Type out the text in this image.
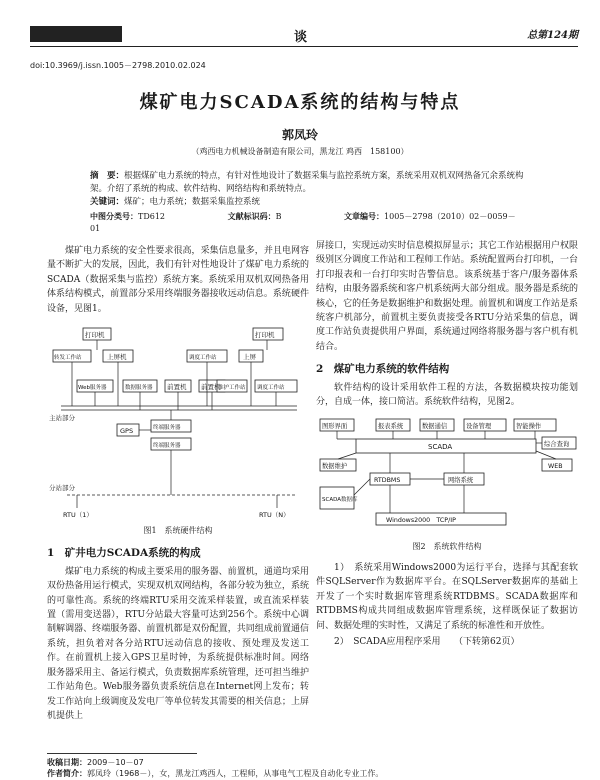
谈	总第124期
doi:10.3969/j.issn.1005－2798.2010.02.024
煤矿电力SCADA系统的结构与特点
郭凤玲
（鸡西电力机械设备制造有限公司，黑龙江 鸡西　158100）
摘　要：根据煤矿电力系统的特点，有针对性地设计了数据采集与监控系统方案，系统采用双机双网热备冗余系统构架。介绍了系统的构成、软件结构、网络结构和系统特点。
关键词：煤矿；电力系统；数据采集监控系统
中图分类号：TD612	文献标识码：B	文章编号：1005－2798（2010）02－0059－01

煤矿电力系统的安全性要求很高，采集信息量多，并且电网容量不断扩大的发展，因此，我们有针对性地设计了煤矿电力系统的SCADA（数据采集与监控）系统方案。系统采用双机双网热备用体系结构模式，前置部分采用终端服务器接收远动信息。系统硬件设备，见图1。

打印机	打印机
转发工作站	上屏机	调度工作站
Web服务器
上屏
调度工作站
数据服务器 前置机 前置机
GPS	终端服务器
终端服务器
维护工作站
主站部分
分站部分
RTU（1）	RTU（N）
图1　系统硬件结构
1　矿井电力SCADA系统的构成

煤矿电力系统的构成主要采用的服务器、前置机，通道均采用双份热备用运行模式，实现双机双网结构，各部分较为独立，系统的可靠性高。系统的终端RTU采用交流采样装置，或直流采样装置（需用变送器），RTU分站最大容量可达到256个。系统中心调制解调器、终端服务器、前置机都是双份配置，共同组成前置通信系统，担负着对各分站RTU远动信息的接收、预处理及发送工作。在前置机上接入GPS卫星时钟，为系统提供标准时间。网络服务器采用主、备运行模式，负责数据库系统管理，还可担当维护工作站角色。Web服务器负责系统信息在Internet网上发布；转发工作站向上级调度及发电厂等单位转发其需要的相关信息；上屏机提供上

屏接口，实现远动实时信息模拟屏显示；其它工作站根据用户权限级别区分调度工作站和工程师工作站。系统配置两台打印机，一台打印报表和一台打印实时告警信息。该系统基于客户/服务器体系结构，由服务器系统和客户机系统两大部分组成。服务器是系统的核心，它的任务是数据维护和数据处理。前置机和调度工作站是系统客户机部分，前置机主要负责接受各RTU分站采集的信息，调度工作站负责提供用户界面，系统通过网络将服务器与客户机有机结合。

2　煤矿电力系统的软件结构

软件结构的设计采用软件工程的方法，各数据模块按功能划分，自成一体，接口简洁。系统软件结构，见图2。

图形界面	报表系统	数据通信	设备管理	智能操作
SCADA	综合查询
WEB
数据维护
RTDBMS	网络系统
SCADA数据库
Windows2000　TCP/IP
图2　系统软件结构

1）　系统采用Windows2000为运行平台，选择与其配套软件SQLServer作为数据库平台。在SQLServer数据库的基础上开发了一个实时数据库管理系统RTDBMS。SCADA数据库和RTDBMS构成共同组成数据库管理系统，这样既保证了数据访问、数据处理的实时性，又满足了系统的标准性和开放性。

2）　SCADA应用程序采用　　 （下转第62页）

收稿日期：2009－10－07
作者简介：郭凤玲（1968－），女，黑龙江鸡西人，工程师，从事电气工程及自动化专业工作。
